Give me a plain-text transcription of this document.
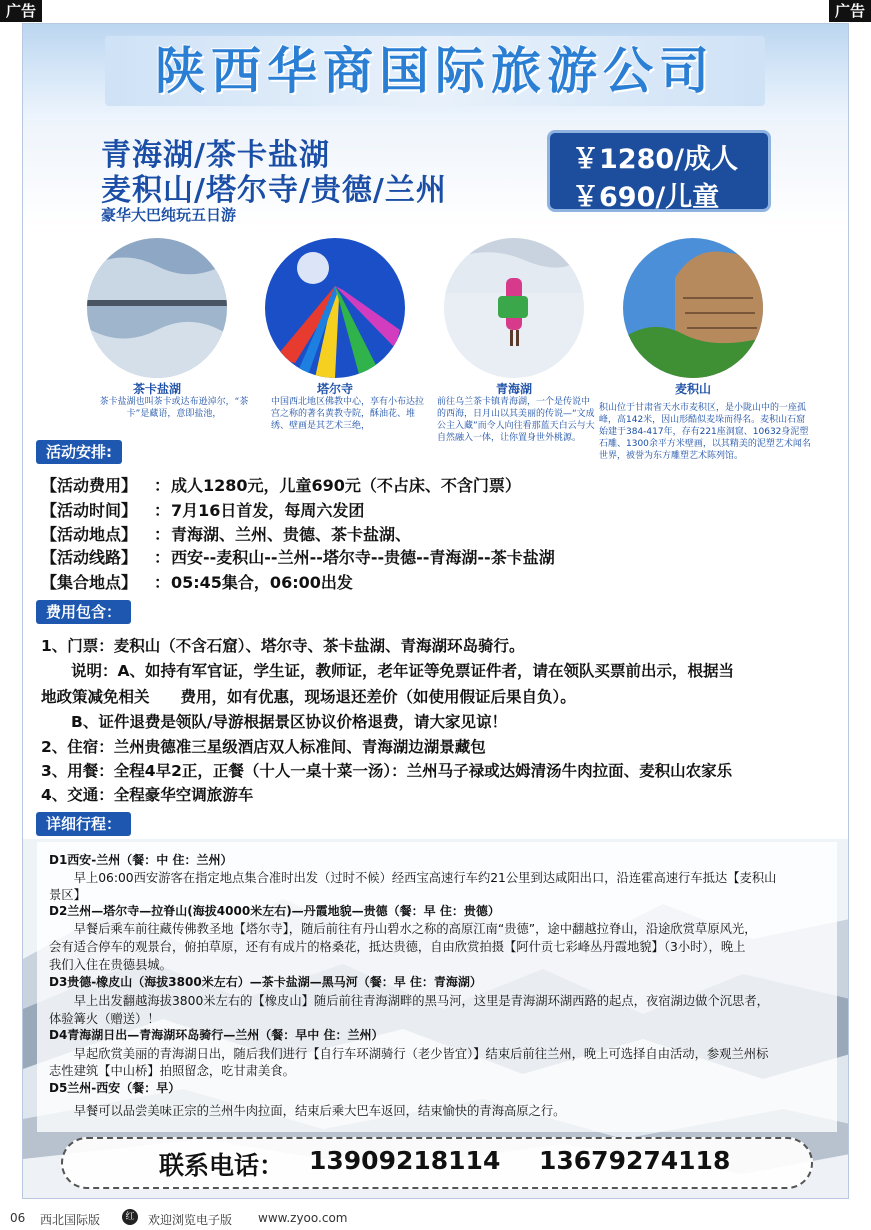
广告	广告
陕西华商国际旅游公司
青海湖/茶卡盐湖
麦积山/塔尔寺/贵德/兰州
豪华大巴纯玩五日游
￥1280/成人
￥690/儿童
茶卡盐湖	塔尔寺	青海湖	麦积山
茶卡盐湖也叫茶卡或达布逊淖尔，“茶卡”是藏语，意即盐池，
中国西北地区佛教中心，享有小布达拉宫之称的著名黄教寺院，酥油花、堆绣、壁画是其艺术三绝，
前往乌兰茶卡镇青海湖，一个是传说中的西海，日月山以其美丽的传说—“文成公主入藏”而令人向往看那蓝天白云与大自然融入一体，让你置身世外桃源。
积山位于甘肃省天水市麦积区，是小陇山中的一座孤峰，高142米，因山形酷似麦垛而得名。麦积山石窟始建于384-417年，存有221座洞窟、10632身泥塑石雕、1300余平方米壁画，以其精美的泥塑艺术闻名世界，被誉为东方雕塑艺术陈列馆。
活动安排:
【活动费用】 ：成人1280元，儿童690元（不占床、不含门票）
【活动时间】 ：7月16日首发，每周六发团
【活动地点】 ：青海湖、兰州、贵德、茶卡盐湖、
【活动线路】 ：西安--麦积山--兰州--塔尔寺--贵德--青海湖--茶卡盐湖
【集合地点】 ：05:45集合，06:00出发
费用包含：
1、门票：麦积山（不含石窟）、塔尔寺、茶卡盐湖、青海湖环岛骑行。
说明：A、如持有军官证，学生证，教师证，老年证等免票证件者，请在领队买票前出示，根据当
地政策减免相关　　费用，如有优惠，现场退还差价（如使用假证后果自负）。
B、证件退费是领队/导游根据景区协议价格退费，请大家见谅！
2、住宿：兰州贵德准三星级酒店双人标准间、青海湖边湖景藏包
3、用餐：全程4早2正，正餐（十人一桌十菜一汤）：兰州马子禄或达姆清汤牛肉拉面、麦积山农家乐
4、交通：全程豪华空调旅游车
详细行程：
D1西安-兰州（餐：中 住：兰州）
　　早上06:00西安游客在指定地点集合准时出发（过时不候）经西宝高速行车约21公里到达咸阳出口，沿连霍高速行车抵达【麦积山
景区】
D2兰州—塔尔寺—拉脊山(海拔4000米左右)—丹霞地貌—贵德（餐：早 住：贵德）
　　早餐后乘车前往藏传佛教圣地【塔尔寺】，随后前往有丹山碧水之称的高原江南“贵德”，途中翻越拉脊山，沿途欣赏草原风光，
会有适合停车的观景台，俯拍草原，还有有成片的格桑花，抵达贵德，自由欣赏拍摄【阿什贡七彩峰丛丹霞地貌】（3小时），晚上
我们入住在贵德县城。
D3贵德-橡皮山（海拔3800米左右）—茶卡盐湖—黑马河（餐：早 住：青海湖）
　　早上出发翻越海拔3800米左右的【橡皮山】随后前往青海湖畔的黑马河，这里是青海湖环湖西路的起点，夜宿湖边做个沉思者，
体验篝火（赠送）！
D4青海湖日出—青海湖环岛骑行—兰州（餐：早中 住：兰州）
　　早起欣赏美丽的青海湖日出，随后我们进行【自行车环湖骑行（老少皆宜）】结束后前往兰州，晚上可选择自由活动，参观兰州标
志性建筑【中山桥】拍照留念，吃甘肃美食。
D5兰州-西安（餐：早）
　　早餐可以品尝美味正宗的兰州牛肉拉面，结束后乘大巴车返回，结束愉快的青海高原之行。
联系电话： 13909218114 13679274118
06 西北国际版	红 欢迎浏览电子版 www.zyoo.com
